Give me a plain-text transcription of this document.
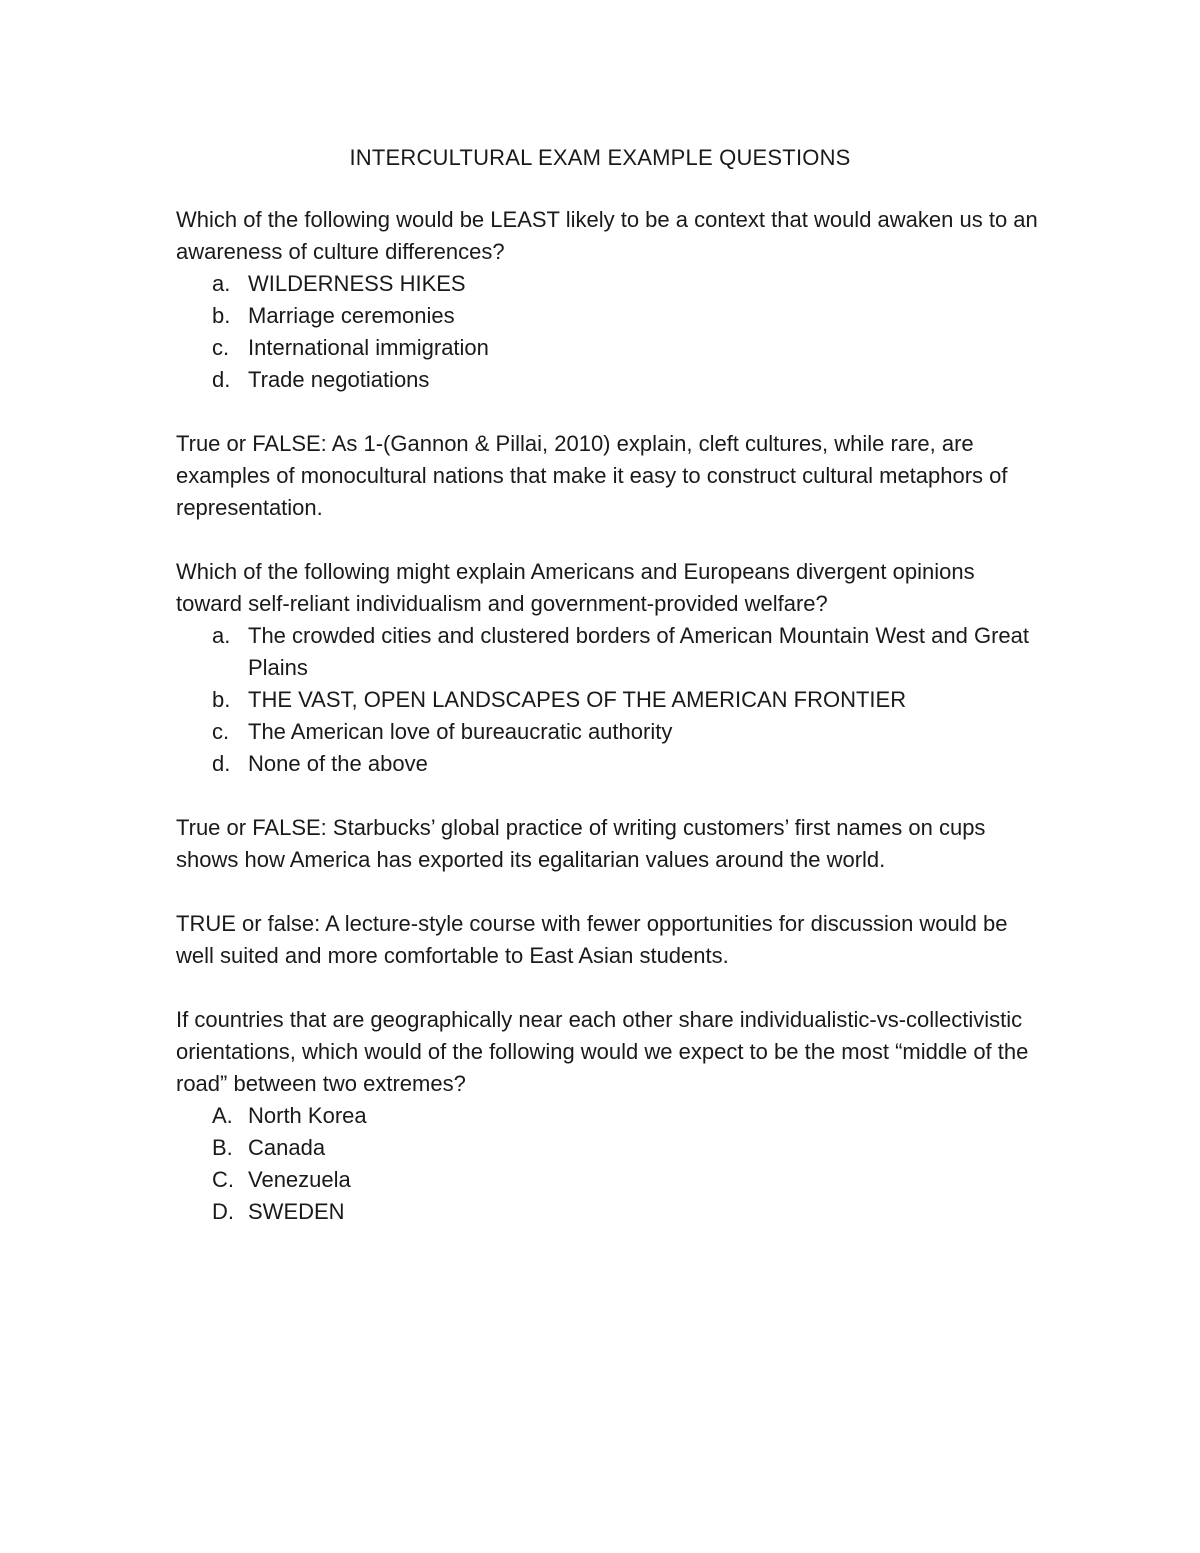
INTERCULTURAL EXAM EXAMPLE QUESTIONS

Which of the following would be LEAST likely to be a context that would awaken us to an awareness of culture differences?

a. WILDERNESS HIKES
b. Marriage ceremonies
c. International immigration
d. Trade negotiations

True or FALSE: As 1-(Gannon & Pillai, 2010) explain, cleft cultures, while rare, are examples of monocultural nations that make it easy to construct cultural metaphors of representation.

Which of the following might explain Americans and Europeans divergent opinions toward self-reliant individualism and government-provided welfare?

a. The crowded cities and clustered borders of American Mountain West and Great Plains
b. THE VAST, OPEN LANDSCAPES OF THE AMERICAN FRONTIER
c. The American love of bureaucratic authority
d. None of the above

True or FALSE: Starbucks’ global practice of writing customers’ first names on cups shows how America has exported its egalitarian values around the world.

TRUE or false: A lecture-style course with fewer opportunities for discussion would be well suited and more comfortable to East Asian students.

If countries that are geographically near each other share individualistic-vs-collectivistic orientations, which would of the following would we expect to be the most “middle of the road” between two extremes?

A. North Korea
B. Canada
C. Venezuela
D. SWEDEN
